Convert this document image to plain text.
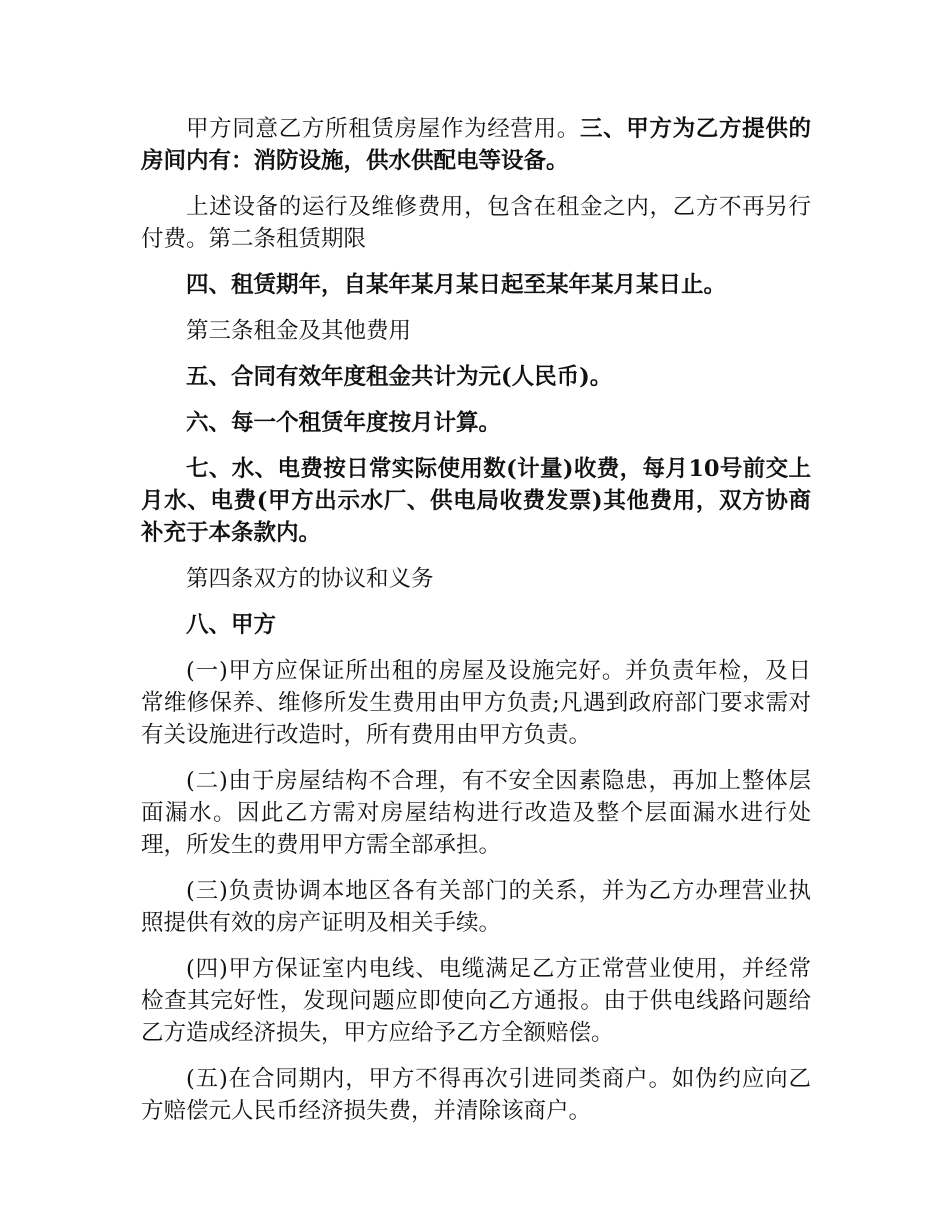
甲方同意乙方所租赁房屋作为经营用。三、甲方为乙方提供的房间内有：消防设施，供水供配电等设备。

上述设备的运行及维修费用，包含在租金之内，乙方不再另行付费。第二条租赁期限

四、租赁期年，自某年某月某日起至某年某月某日止。

第三条租金及其他费用

五、合同有效年度租金共计为元(人民币)。

六、每一个租赁年度按月计算。

七、水、电费按日常实际使用数(计量)收费，每月10号前交上月水、电费(甲方出示水厂、供电局收费发票)其他费用，双方协商补充于本条款内。

第四条双方的协议和义务

八、甲方

(一)甲方应保证所出租的房屋及设施完好。并负责年检，及日常维修保养、维修所发生费用由甲方负责;凡遇到政府部门要求需对有关设施进行改造时，所有费用由甲方负责。

(二)由于房屋结构不合理，有不安全因素隐患，再加上整体层面漏水。因此乙方需对房屋结构进行改造及整个层面漏水进行处理，所发生的费用甲方需全部承担。

(三)负责协调本地区各有关部门的关系，并为乙方办理营业执照提供有效的房产证明及相关手续。

(四)甲方保证室内电线、电缆满足乙方正常营业使用，并经常检查其完好性，发现问题应即使向乙方通报。由于供电线路问题给乙方造成经济损失，甲方应给予乙方全额赔偿。

(五)在合同期内，甲方不得再次引进同类商户。如伪约应向乙方赔偿元人民币经济损失费，并清除该商户。
